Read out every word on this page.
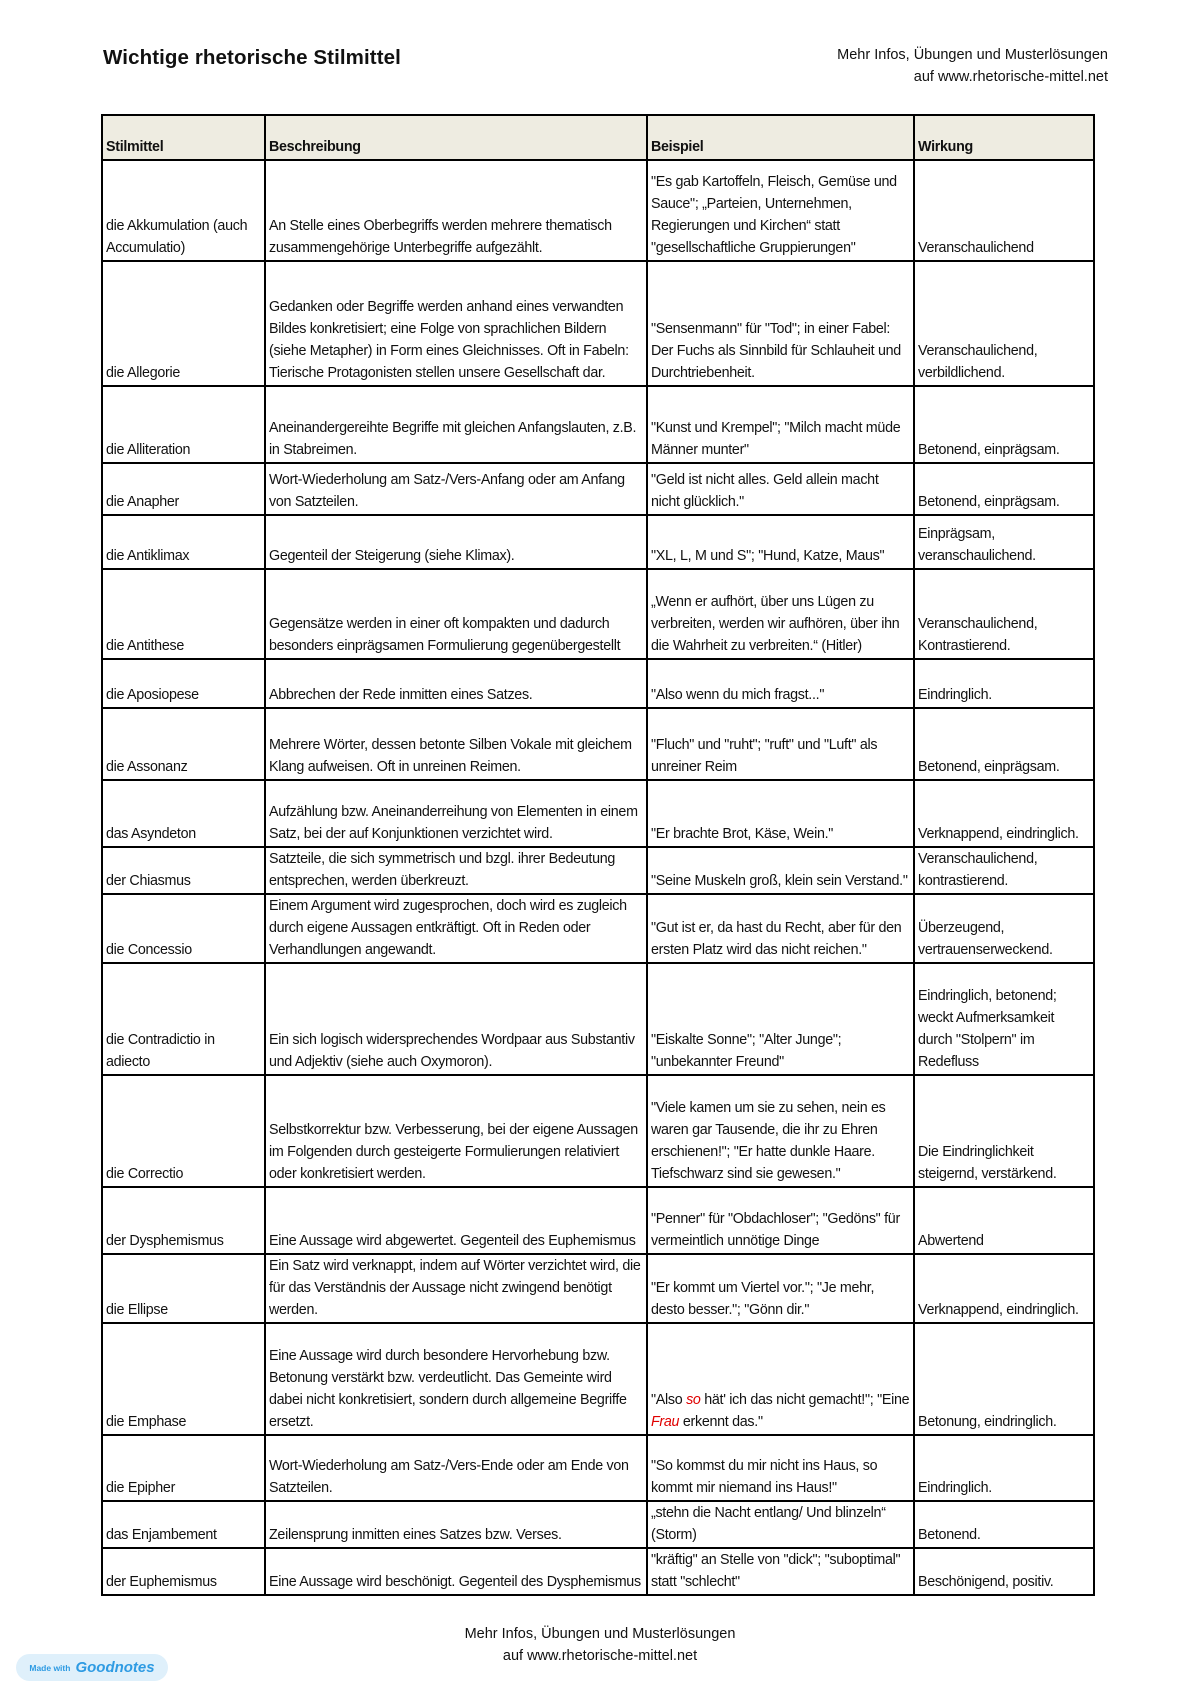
Wichtige rhetorische Stilmittel	Mehr Infos, Übungen und Musterlösungen
auf www.rhetorische-mittel.net
Stilmittel	Beschreibung	Beispiel	Wirkung
die Akkumulation (auch Accumulatio)	An Stelle eines Oberbegriffs werden mehrere thematisch zusammengehörige Unterbegriffe aufgezählt.	"Es gab Kartoffeln, Fleisch, Gemüse und Sauce"; „Parteien, Unternehmen, Regierungen und Kirchen“ statt "gesellschaftliche Gruppierungen"	Veranschaulichend
die Allegorie	Gedanken oder Begriffe werden anhand eines verwandten Bildes konkretisiert; eine Folge von sprachlichen Bildern (siehe Metapher) in Form eines Gleichnisses. Oft in Fabeln: Tierische Protagonisten stellen unsere Gesellschaft dar.	"Sensenmann" für "Tod"; in einer Fabel: Der Fuchs als Sinnbild für Schlauheit und Durchtriebenheit.	Veranschaulichend, verbildlichend.
die Alliteration	Aneinandergereihte Begriffe mit gleichen Anfangslauten, z.B. in Stabreimen.	"Kunst und Krempel"; "Milch macht müde Männer munter"	Betonend, einprägsam.
die Anapher	Wort-Wiederholung am Satz-/Vers-Anfang oder am Anfang von Satzteilen.	"Geld ist nicht alles. Geld allein macht nicht glücklich."	Betonend, einprägsam.
die Antiklimax	Gegenteil der Steigerung (siehe Klimax).	"XL, L, M und S"; "Hund, Katze, Maus"	Einprägsam, veranschaulichend.
die Antithese	Gegensätze werden in einer oft kompakten und dadurch besonders einprägsamen Formulierung gegenübergestellt	„Wenn er aufhört, über uns Lügen zu verbreiten, werden wir aufhören, über ihn die Wahrheit zu verbreiten.“ (Hitler)	Veranschaulichend, Kontrastierend.
die Aposiopese	Abbrechen der Rede inmitten eines Satzes.	"Also wenn du mich fragst..."	Eindringlich.
die Assonanz	Mehrere Wörter, dessen betonte Silben Vokale mit gleichem Klang aufweisen. Oft in unreinen Reimen.	"Fluch" und "ruht"; "ruft" und "Luft" als unreiner Reim	Betonend, einprägsam.
das Asyndeton	Aufzählung bzw. Aneinanderreihung von Elementen in einem Satz, bei der auf Konjunktionen verzichtet wird.	"Er brachte Brot, Käse, Wein."	Verknappend, eindringlich.
der Chiasmus	Satzteile, die sich symmetrisch und bzgl. ihrer Bedeutung entsprechen, werden überkreuzt.	"Seine Muskeln groß, klein sein Verstand."	Veranschaulichend, kontrastierend.
die Concessio	Einem Argument wird zugesprochen, doch wird es zugleich durch eigene Aussagen entkräftigt. Oft in Reden oder Verhandlungen angewandt.	"Gut ist er, da hast du Recht, aber für den ersten Platz wird das nicht reichen."	Überzeugend, vertrauenserweckend.
die Contradictio in adiecto	Ein sich logisch widersprechendes Wordpaar aus Substantiv und Adjektiv (siehe auch Oxymoron).	"Eiskalte Sonne"; "Alter Junge"; "unbekannter Freund"	Eindringlich, betonend; weckt Aufmerksamkeit durch "Stolpern" im Redefluss
die Correctio	Selbstkorrektur bzw. Verbesserung, bei der eigene Aussagen im Folgenden durch gesteigerte Formulierungen relativiert oder konkretisiert werden.	"Viele kamen um sie zu sehen, nein es waren gar Tausende, die ihr zu Ehren erschienen!"; "Er hatte dunkle Haare. Tiefschwarz sind sie gewesen."	Die Eindringlichkeit steigernd, verstärkend.
der Dysphemismus	Eine Aussage wird abgewertet. Gegenteil des Euphemismus	"Penner" für "Obdachloser"; "Gedöns" für vermeintlich unnötige Dinge	Abwertend
die Ellipse	Ein Satz wird verknappt, indem auf Wörter verzichtet wird, die für das Verständnis der Aussage nicht zwingend benötigt werden.	"Er kommt um Viertel vor."; "Je mehr, desto besser."; "Gönn dir."	Verknappend, eindringlich.
die Emphase	Eine Aussage wird durch besondere Hervorhebung bzw. Betonung verstärkt bzw. verdeutlicht. Das Gemeinte wird dabei nicht konkretisiert, sondern durch allgemeine Begriffe ersetzt.	"Also so hät' ich das nicht gemacht!"; "Eine Frau erkennt das."	Betonung, eindringlich.
die Epipher	Wort-Wiederholung am Satz-/Vers-Ende oder am Ende von Satzteilen.	"So kommst du mir nicht ins Haus, so kommt mir niemand ins Haus!"	Eindringlich.
das Enjambement	Zeilensprung inmitten eines Satzes bzw. Verses.	„stehn die Nacht entlang/ Und blinzeln“ (Storm)	Betonend.
der Euphemismus	Eine Aussage wird beschönigt. Gegenteil des Dysphemismus	"kräftig" an Stelle von "dick"; "suboptimal" statt "schlecht"	Beschönigend, positiv.
Mehr Infos, Übungen und Musterlösungen
auf www.rhetorische-mittel.net
Made with Goodnotes
